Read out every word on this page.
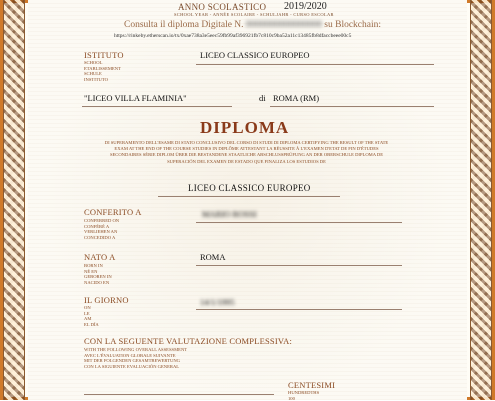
ANNO SCOLASTICO 2019/2020

SCHOOL YEAR - ANNÉE SCOLAIRE - SCHULJAHR - CURSO ESCOLAR

Consulta il diploma Digitale N. 0000000000000000 su Blockchain:

https://rinkeby.etherscan.io/tx/0xae738a3e5eec59fb99af396921fb7c810c9ba52a11c13485fb8dfaccbeee00c5

ISTITUTO

SCHOOL
ETABLISSEMENT
SCHULE
INSTITUTO

LICEO CLASSICO EUROPEO

"LICEO VILLA FLAMINIA"	di ROMA (RM)

DIPLOMA

DI SUPERAMENTO DELL'ESAME DI STATO CONCLUSIVO DEL CORSO DI STUDI DI DIPLOMA CERTIFYING THE RESULT OF THE STATE EXAM AT THE END OF THE COURSE STUDIES IN DIPLÔME ATTESTANT LA RÉUSSITE À L'EXAMEN D'ETAT DE FIN D'ÉTUDES SECONDAIRES SÉRIE DIPLOM ÜBER DIE BESTANDENE STAATLICHE ABSCHLUSSPRÜFUNG AN DER OBERSCHULE DIPLOMA DE SUPERACIÓN DEL EXAMEN DE ESTADO QUE FINALIZA LOS ESTUDIOS DE

LICEO CLASSICO EUROPEO

CONFERITO A

CONFERRED ON
CONFÉRÉ A
VERLIEHEN AN
CONCEDIDO A

MARIO ROSSI

NATO A

BORN IN
NÉ EN
GEBOREN IN
NACIDO EN

ROMA

IL GIORNO

ON
LE
AM
EL DÍA

14/1/1995

CON LA SEGUENTE VALUTAZIONE COMPLESSIVA:

WITH THE FOLLOWING OVERALL ASSESSMENT
AVEC L'ÉVALUATION GLOBALE SUIVANTE
MIT DER FOLGENDEN GESAMTBEWERTUNG
CON LA SIGUIENTE EVALUACIÓN GENERAL

CENTESIMI

HUNDREDTHS
100
